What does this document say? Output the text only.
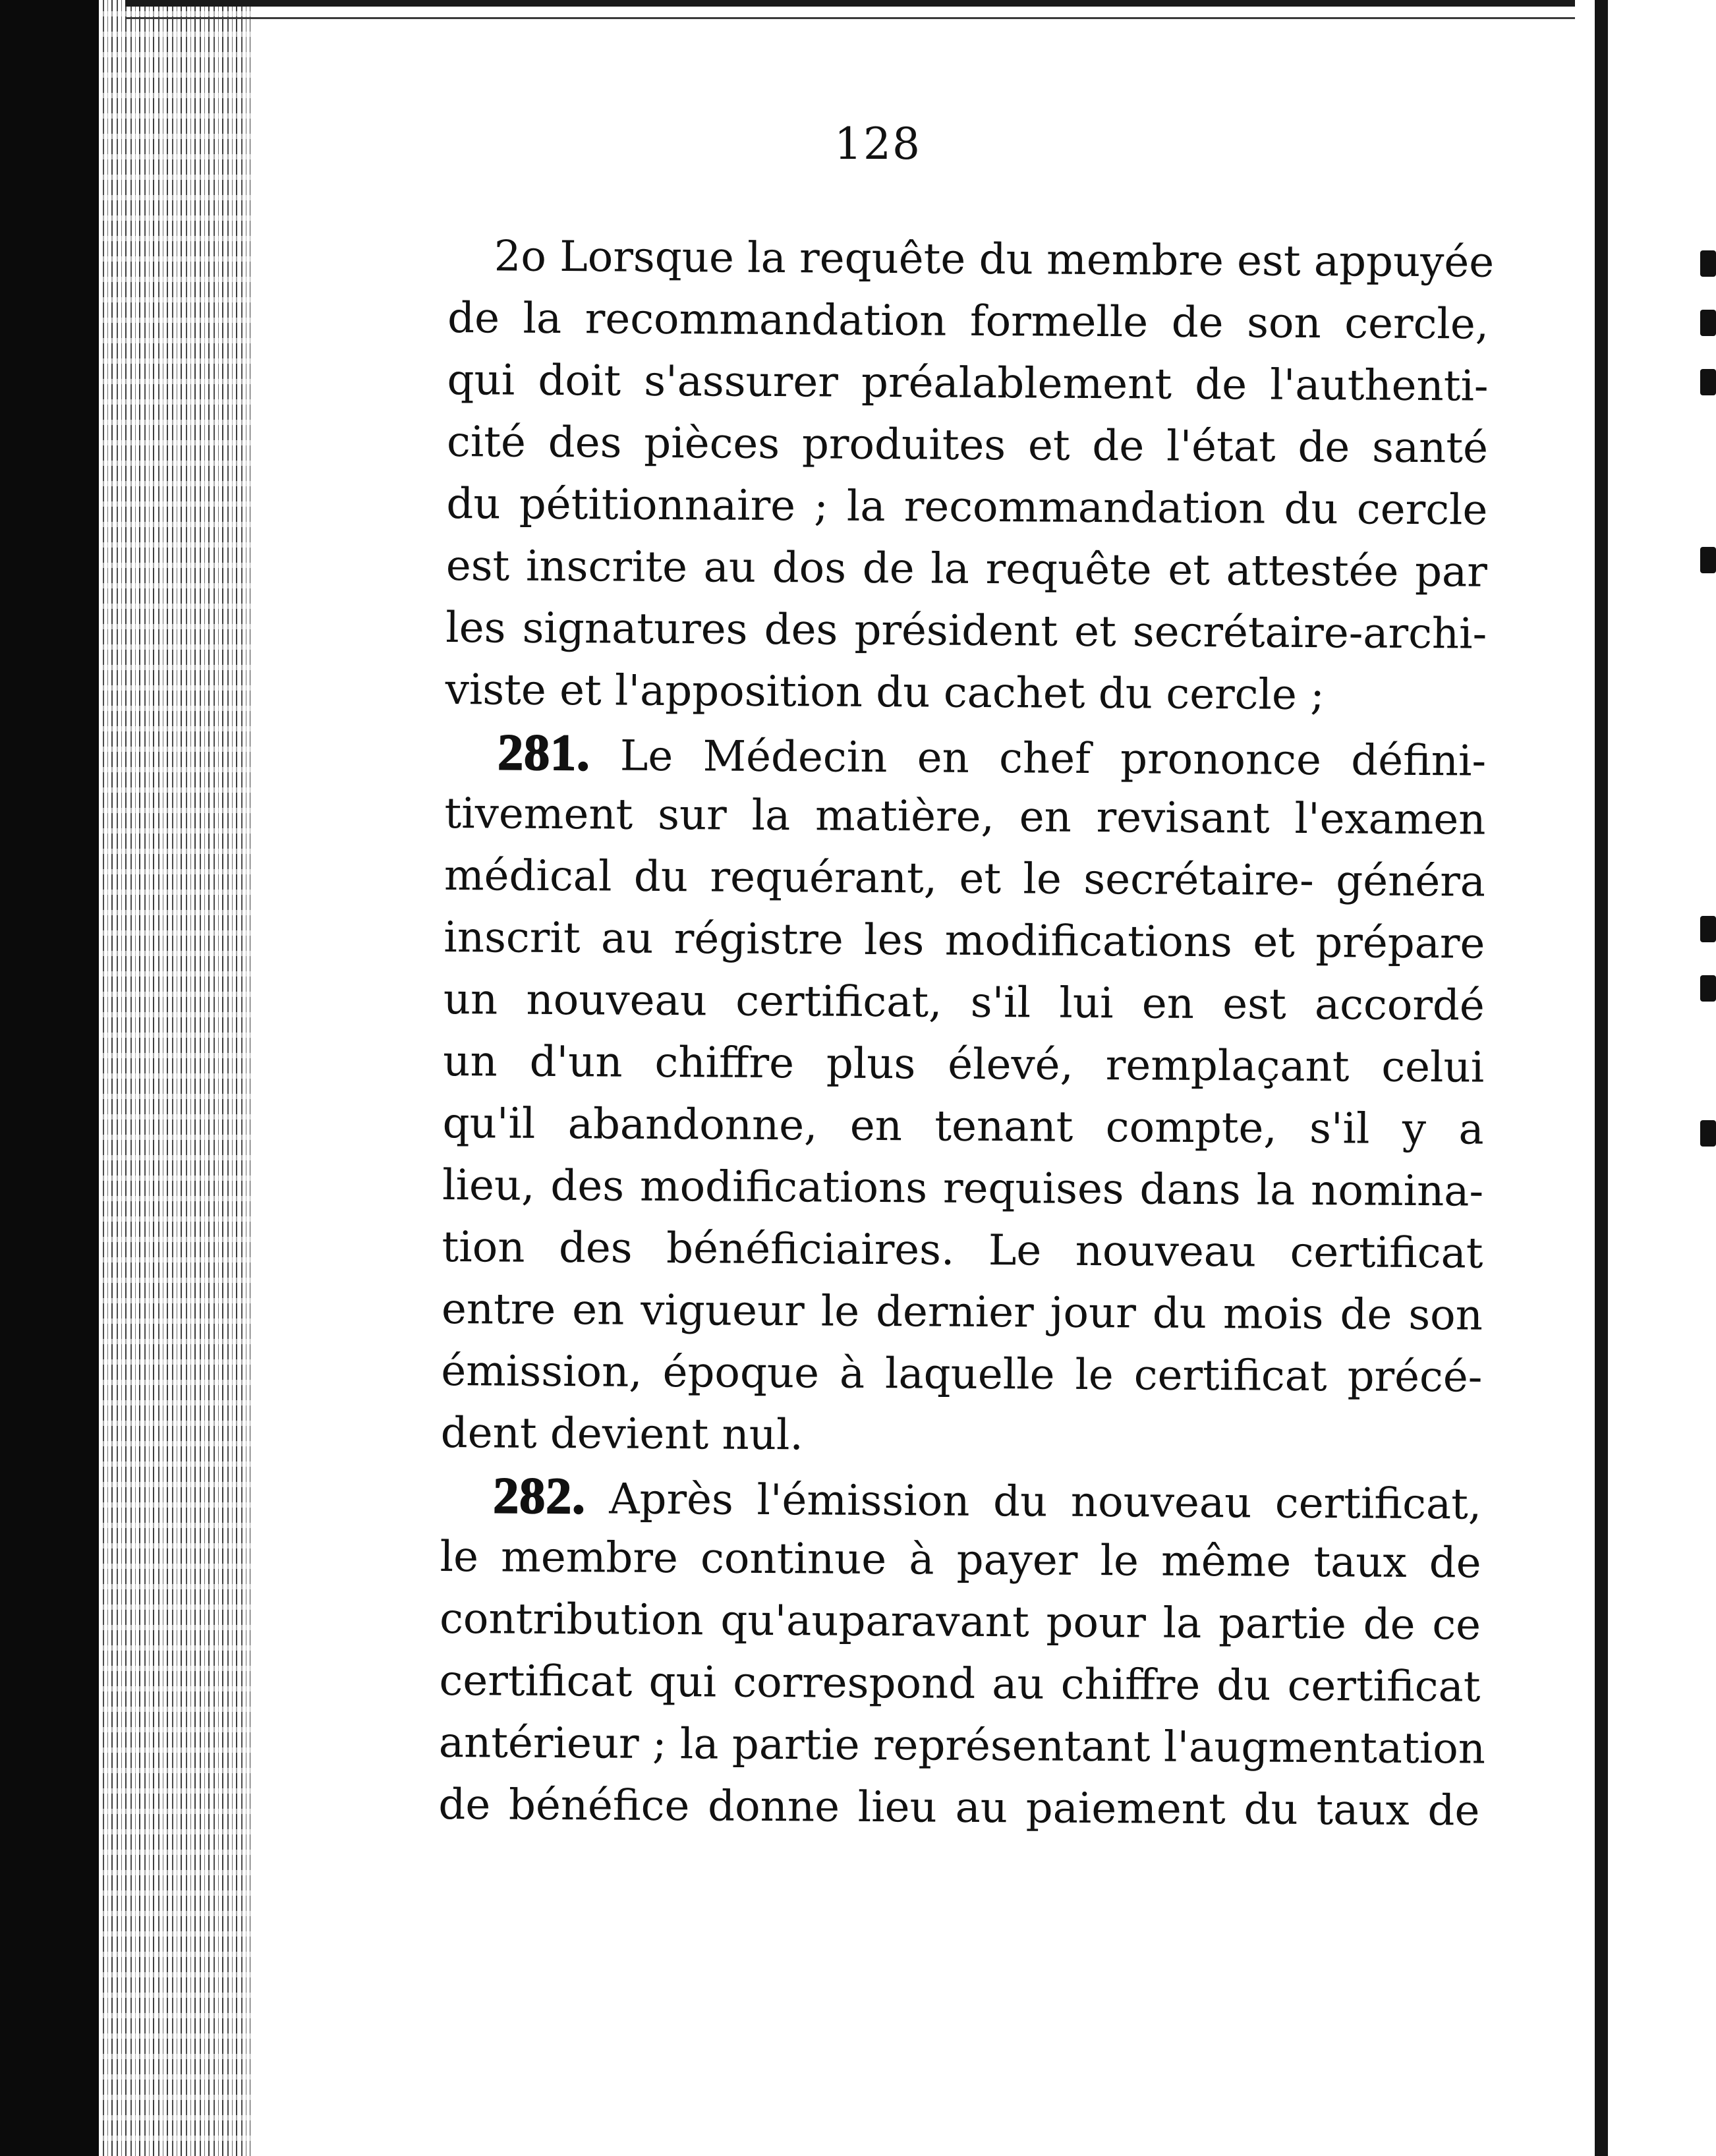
128
2o Lorsque la requête du membre est appuyée
de la recommandation formelle de son cercle,
qui doit s'assurer préalablement de l'authenti-
cité des pièces produites et de l'état de santé
du pétitionnaire ; la recommandation du cercle
est inscrite au dos de la requête et attestée par
les signatures des président et secrétaire-archi-
viste et l'apposition du cachet du cercle ;
281. Le Médecin en chef prononce défini-
tivement sur la matière, en revisant l'examen
médical du requérant, et le secrétaire- généra
inscrit au régistre les modifications et prépare
un nouveau certificat, s'il lui en est accordé
un d'un chiffre plus élevé, remplaçant celui
qu'il abandonne, en tenant compte, s'il y a
lieu, des modifications requises dans la nomina-
tion des bénéficiaires. Le nouveau certificat
entre en vigueur le dernier jour du mois de son
émission, époque à laquelle le certificat précé-
dent devient nul.
282. Après l'émission du nouveau certificat,
le membre continue à payer le même taux de
contribution qu'auparavant pour la partie de ce
certificat qui correspond au chiffre du certificat
antérieur ; la partie représentant l'augmentation
de bénéfice donne lieu au paiement du taux de
